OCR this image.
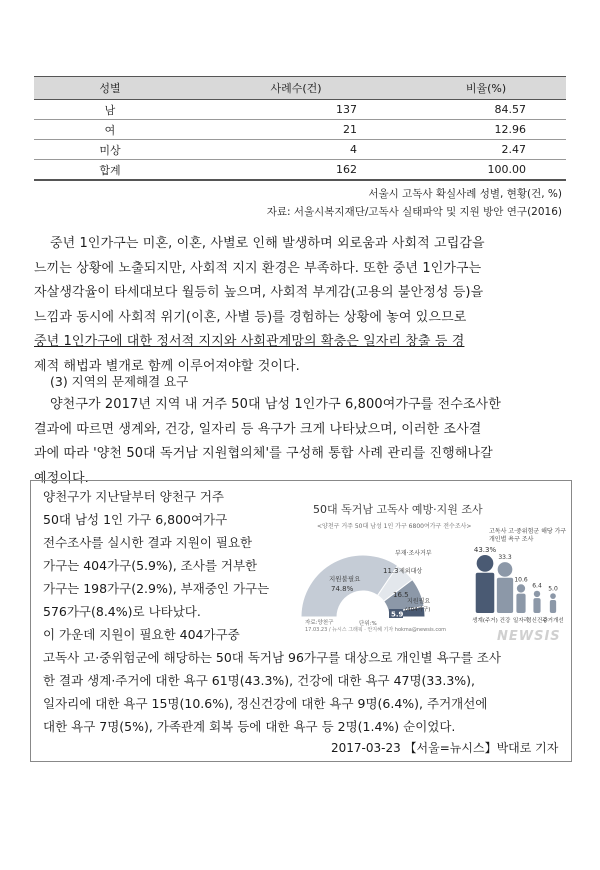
성별	사례수(건)	비율(%)
남	137	84.57
여	21	12.96
미상	4	2.47
합계	162	100.00
서울시 고독사 확실사례 성별, 현황(건, %)
자료: 서울시복지재단/고독사 실태파악 및 지원 방안 연구(2016)

중년 1인가구는 미혼, 이혼, 사별로 인해 발생하며 외로움과 사회적 고립감을

느끼는 상황에 노출되지만, 사회적 지지 환경은 부족하다. 또한 중년 1인가구는

자살생각율이 타세대보다 월등히 높으며, 사회적 부게감(고용의 불안정성 등)을

느낌과 동시에 사회적 위기(이혼, 사별 등)를 경험하는 상황에 놓여 있으므로

중년 1인가구에 대한 정서적 지지와 사회관계망의 확충은 일자리 창출 등 경

제적 해법과 별개로 함께 이루어져야할 것이다.

(3) 지역의 문제해결 요구

양천구가 2017년 지역 내 거주 50대 남성 1인가구 6,800여가구를 전수조사한

결과에 따르면 생계와, 건강, 일자리 등 욕구가 크게 나타났으며, 이러한 조사결

과에 따라 '양천 50대 독거남 지원협의체'를 구성해 통합 사례 관리를 진행해나갈

예정이다.

양천구가 지난달부터 양천구 거주
50대 남성 1인 가구 6,800여가구
전수조사를 실시한 결과 지원이 필요한
가구는 404가구(5.9%), 조사를 거부한
가구는 198가구(2.9%), 부재중인 가구는
576가구(8.4%)로 나타났다.
이 가운데 지원이 필요한 404가구중
고독사 고·중위험군에 해당하는 50대 독거남 96가구를 대상으로 개인별 욕구를 조사
한 결과 생계·주거에 대한 욕구 61명(43.3%), 건강에 대한 욕구 47명(33.3%),
일자리에 대한 욕구 15명(10.6%), 정신건강에 대한 욕구 9명(6.4%), 주거개선에
대한 욕구 7명(5%), 가족관계 회복 등에 대한 욕구 등 2명(1.4%) 순이었다.
2017-03-23 【서울=뉴시스】박대로 기자
50대 독거남 고독사 예방·지원 조사
<양천구 거주 50대 남성 1인 가구 6800여가구 전수조사>
지원불필요
74.8%
부재·조사거부
11.3 제외대상
16.5
지원필요
(404가구)
5.9
단위:%
자료:양천구
고독사 고·중위험군 해당 가구
개인별 욕구 조사
43.3%
생계(주거)
33.3
건강
10.6
일자리
6.4
정신건강
5.0
주거개선
17.03.23 / 뉴시스 그래픽 · 안지혜 기자 hokma@newsis.com	NEWSIS
